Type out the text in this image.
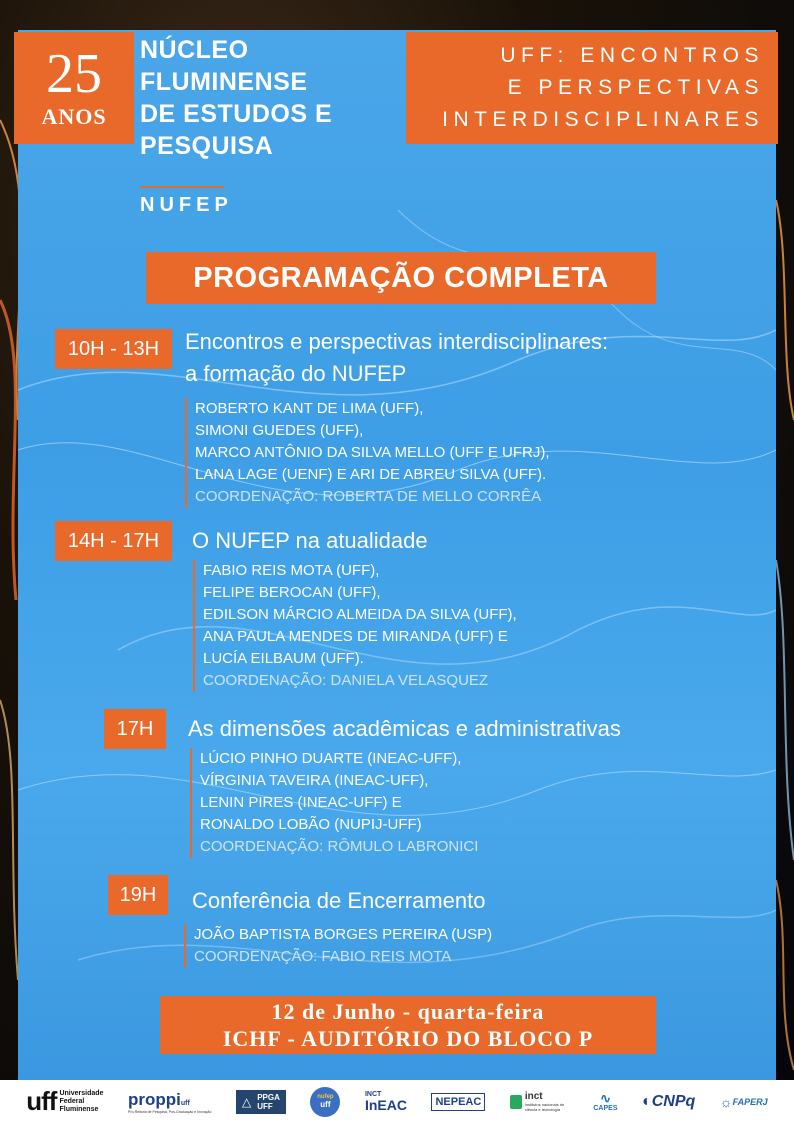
25
ANOS
NÚCLEO
FLUMINENSE
DE ESTUDOS E
PESQUISA
NUFEP
UFF: ENCONTROS
E PERSPECTIVAS
INTERDISCIPLINARES
PROGRAMAÇÃO COMPLETA
10H - 13H	Encontros e perspectivas interdisciplinares:
a formação do NUFEP
ROBERTO KANT DE LIMA (UFF),
SIMONI GUEDES (UFF),
MARCO ANTÔNIO DA SILVA MELLO (UFF E UFRJ),
LANA LAGE (UENF) E ARI DE ABREU SILVA (UFF).
COORDENAÇÃO: ROBERTA DE MELLO CORRÊA
14H - 17H	O NUFEP na atualidade
FABIO REIS MOTA (UFF),
FELIPE BEROCAN (UFF),
EDILSON MÁRCIO ALMEIDA DA SILVA (UFF),
ANA PAULA MENDES DE MIRANDA (UFF) E
LUCÍA EILBAUM (UFF).
COORDENAÇÃO: DANIELA VELASQUEZ
17H	As dimensões acadêmicas e administrativas
LÚCIO PINHO DUARTE (INEAC-UFF),
VÍRGINIA TAVEIRA (INEAC-UFF),
LENIN PIRES (INEAC-UFF) E
RONALDO LOBÃO (NUPIJ-UFF)
COORDENAÇÃO: RÔMULO LABRONICI
19H	Conferência de Encerramento
JOÃO BAPTISTA BORGES PEREIRA (USP)
COORDENAÇÃO: FABIO REIS MOTA
12 de Junho - quarta-feira
ICHF - AUDITÓRIO DO BLOCO P
uff Universidade
Federal
Fluminense
proppi uff
Pró-Reitoria de Pesquisa, Pós-Graduação e Inovação
△ PPGA
UFF
nufep
uff
INCT
InEAC	NEPEAC	inct
institutos nacionais de ciência e tecnologia
∿
CAPES ◐ CNPq ☼ FAPERJ
